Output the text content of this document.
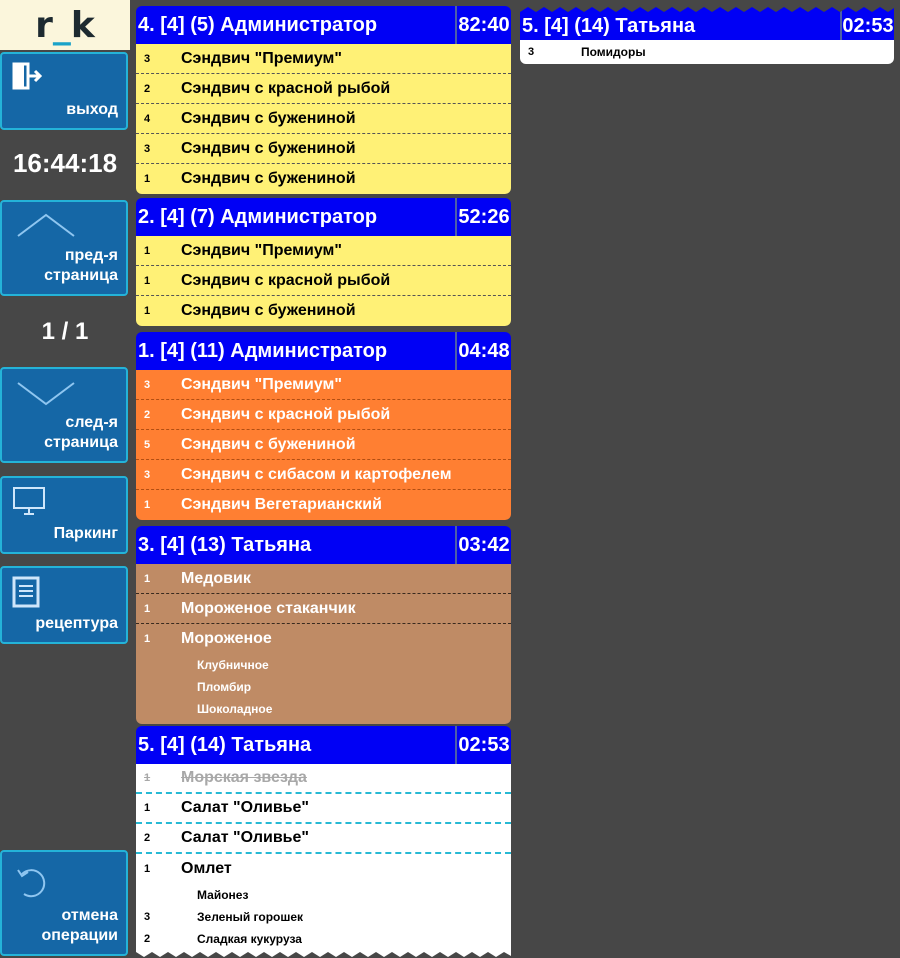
r _ k
выход
16:44:18
пред-я
страница
1 / 1
след-я
страница
Паркинг
рецептура
отмена
операции
4. [4] (5) Администратор	82:40
3	Сэндвич "Премиум"
2	Сэндвич с красной рыбой
4	Сэндвич с бужениной
3	Сэндвич с бужениной
1	Сэндвич с бужениной
2. [4] (7) Администратор	52:26
1	Сэндвич "Премиум"
1	Сэндвич с красной рыбой
1	Сэндвич с бужениной
1. [4] (11) Администратор	04:48
3	Сэндвич "Премиум"
2	Сэндвич с красной рыбой
5	Сэндвич с бужениной
3	Сэндвич с сибасом и картофелем
1	Сэндвич Вегетарианский
3. [4] (13) Татьяна	03:42
1	Медовик
1	Мороженое стаканчик
1	Мороженое
Клубничное
Пломбир
Шоколадное
5. [4] (14) Татьяна	02:53
1	Морская звезда
1	Салат "Оливье"
2	Салат "Оливье"
1	Омлет
Майонез
3	Зеленый горошек
2	Сладкая кукуруза
5. [4] (14) Татьяна	02:53
3	Помидоры
